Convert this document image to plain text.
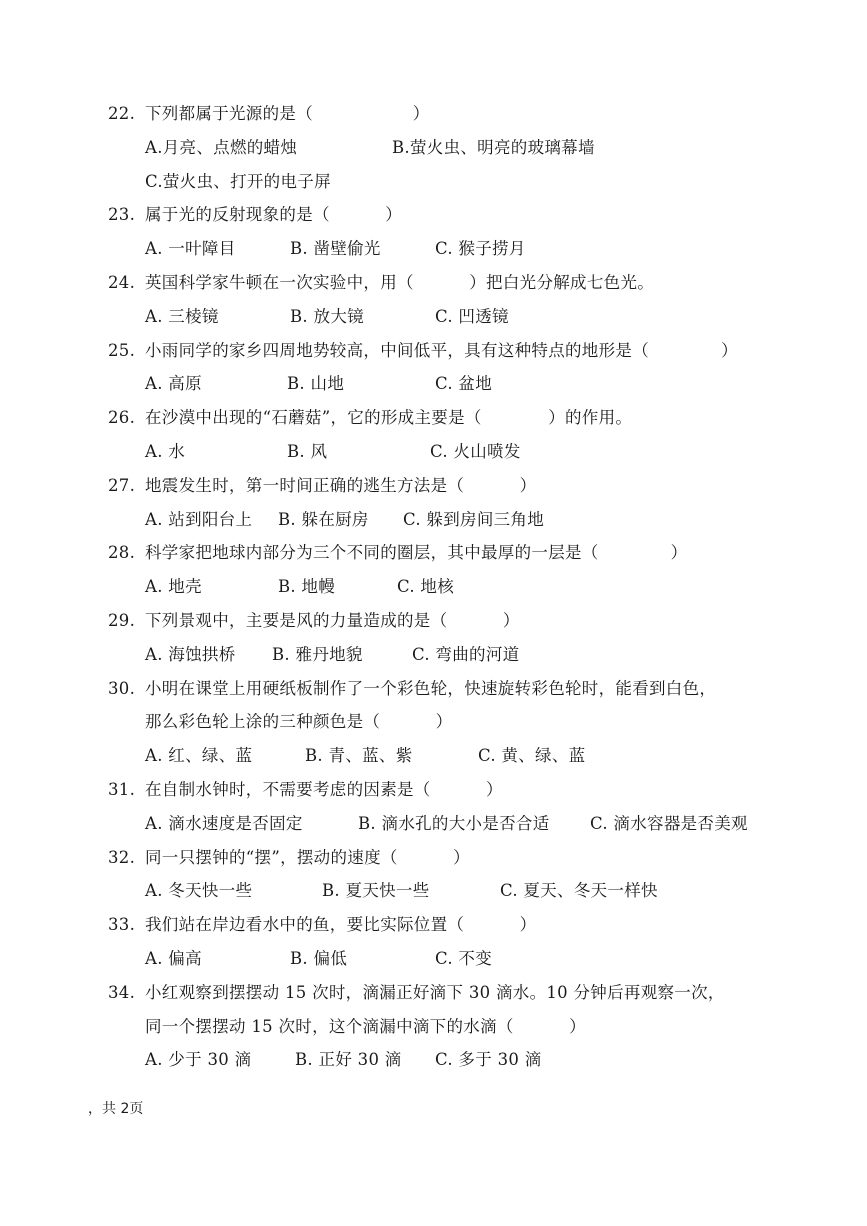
22. 下列都属于光源的是（                  ）
A.月亮、点燃的蜡烛	B.萤火虫、明亮的玻璃幕墙
C.萤火虫、打开的电子屏
23. 属于光的反射现象的是（          ）
A. 一叶障目	B. 凿壁偷光	C. 猴子捞月
24. 英国科学家牛顿在一次实验中，用（          ）把白光分解成七色光。
A. 三棱镜	B. 放大镜	C. 凹透镜
25. 小雨同学的家乡四周地势较高，中间低平，具有这种特点的地形是（             ）
A. 高原	B. 山地	C. 盆地
26. 在沙漠中出现的“石蘑菇”，它的形成主要是（            ）的作用。
A. 水	B. 风	C. 火山喷发
27. 地震发生时，第一时间正确的逃生方法是（          ）
A. 站到阳台上 B. 躲在厨房 C. 躲到房间三角地
28. 科学家把地球内部分为三个不同的圈层，其中最厚的一层是（             ）
A. 地壳	B. 地幔	C. 地核
29. 下列景观中，主要是风的力量造成的是（          ）
A. 海蚀拱桥 B. 雅丹地貌	C. 弯曲的河道
30. 小明在课堂上用硬纸板制作了一个彩色轮，快速旋转彩色轮时，能看到白色，
那么彩色轮上涂的三种颜色是（          ）
A. 红、绿、蓝	B. 青、蓝、紫	C. 黄、绿、蓝
31. 在自制水钟时，不需要考虑的因素是（          ）
A. 滴水速度是否固定	B. 滴水孔的大小是否合适 C. 滴水容器是否美观
32. 同一只摆钟的“摆”，摆动的速度（          ）
A. 冬天快一些	B. 夏天快一些	C. 夏天、冬天一样快
33. 我们站在岸边看水中的鱼，要比实际位置（          ）
A. 偏高	B. 偏低	C. 不变
34. 小红观察到摆摆动 15 次时，滴漏正好滴下 30 滴水。10 分钟后再观察一次，
同一个摆摆动 15 次时，这个滴漏中滴下的水滴（          ）
A. 少于 30 滴	B. 正好 30 滴 C. 多于 30 滴
，共 2页
